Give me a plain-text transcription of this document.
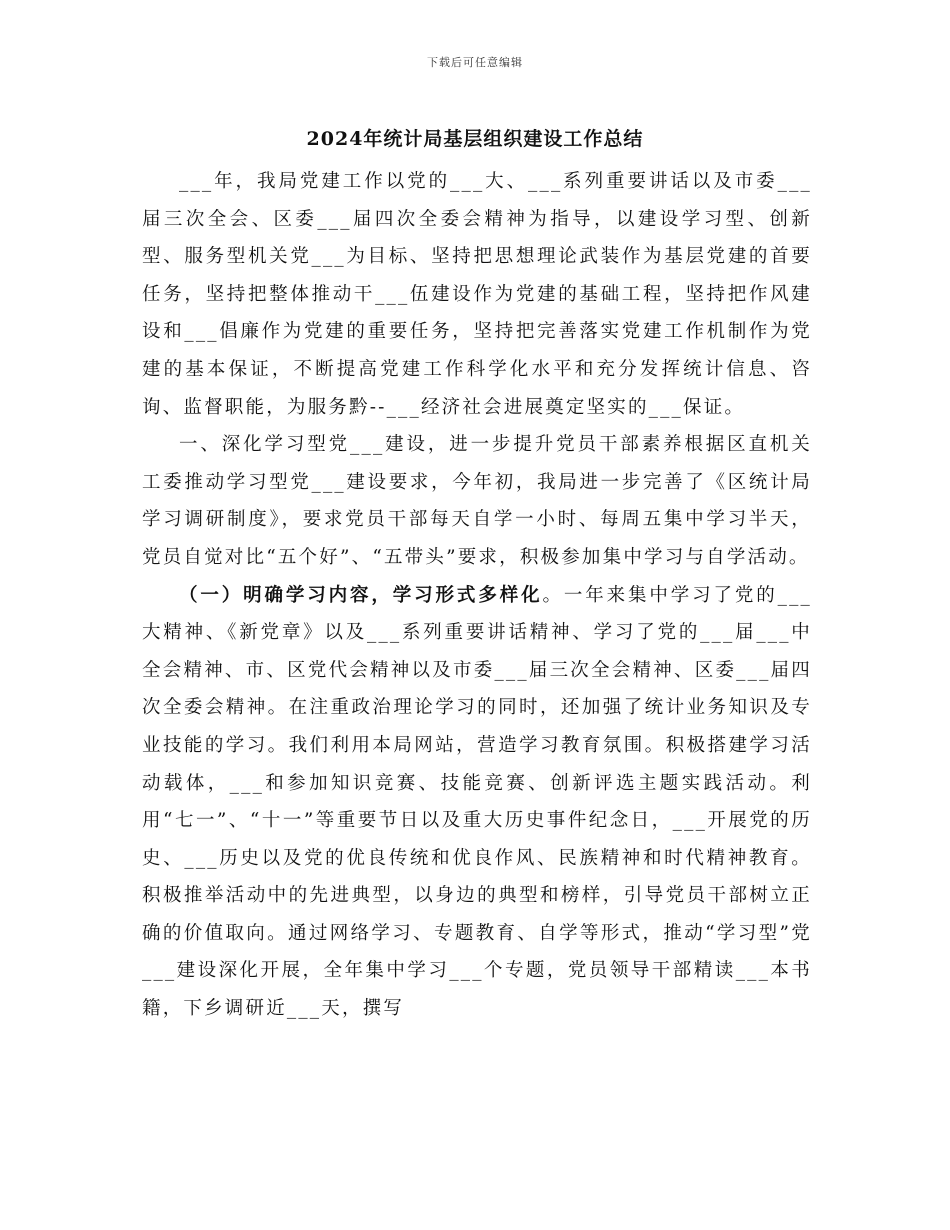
下载后可任意编辑
2024年统计局基层组织建设工作总结

___年，我局党建工作以党的___大、___系列重要讲话以及市委___届三次全会、区委___届四次全委会精神为指导，以建设学习型、创新型、服务型机关党___为目标、坚持把思想理论武装作为基层党建的首要任务，坚持把整体推动干___伍建设作为党建的基础工程，坚持把作风建设和___倡廉作为党建的重要任务，坚持把完善落实党建工作机制作为党建的基本保证，不断提高党建工作科学化水平和充分发挥统计信息、咨询、监督职能，为服务黔--___经济社会进展奠定坚实的___保证。

一、深化学习型党___建设，进一步提升党员干部素养根据区直机关工委推动学习型党___建设要求，今年初，我局进一步完善了《区统计局学习调研制度》，要求党员干部每天自学一小时、每周五集中学习半天，党员自觉对比“五个好”、“五带头”要求，积极参加集中学习与自学活动。

（一）明确学习内容，学习形式多样化。一年来集中学习了党的___大精神、《新党章》以及___系列重要讲话精神、学习了党的___届___中全会精神、市、区党代会精神以及市委___届三次全会精神、区委___届四次全委会精神。在注重政治理论学习的同时，还加强了统计业务知识及专业技能的学习。我们利用本局网站，营造学习教育氛围。积极搭建学习活动载体，___和参加知识竞赛、技能竞赛、创新评选主题实践活动。利用“七一”、“十一”等重要节日以及重大历史事件纪念日，___开展党的历史、___历史以及党的优良传统和优良作风、民族精神和时代精神教育。积极推举活动中的先进典型，以身边的典型和榜样，引导党员干部树立正确的价值取向。通过网络学习、专题教育、自学等形式，推动“学习型”党___建设深化开展，全年集中学习___个专题，党员领导干部精读___本书籍，下乡调研近___天，撰写
